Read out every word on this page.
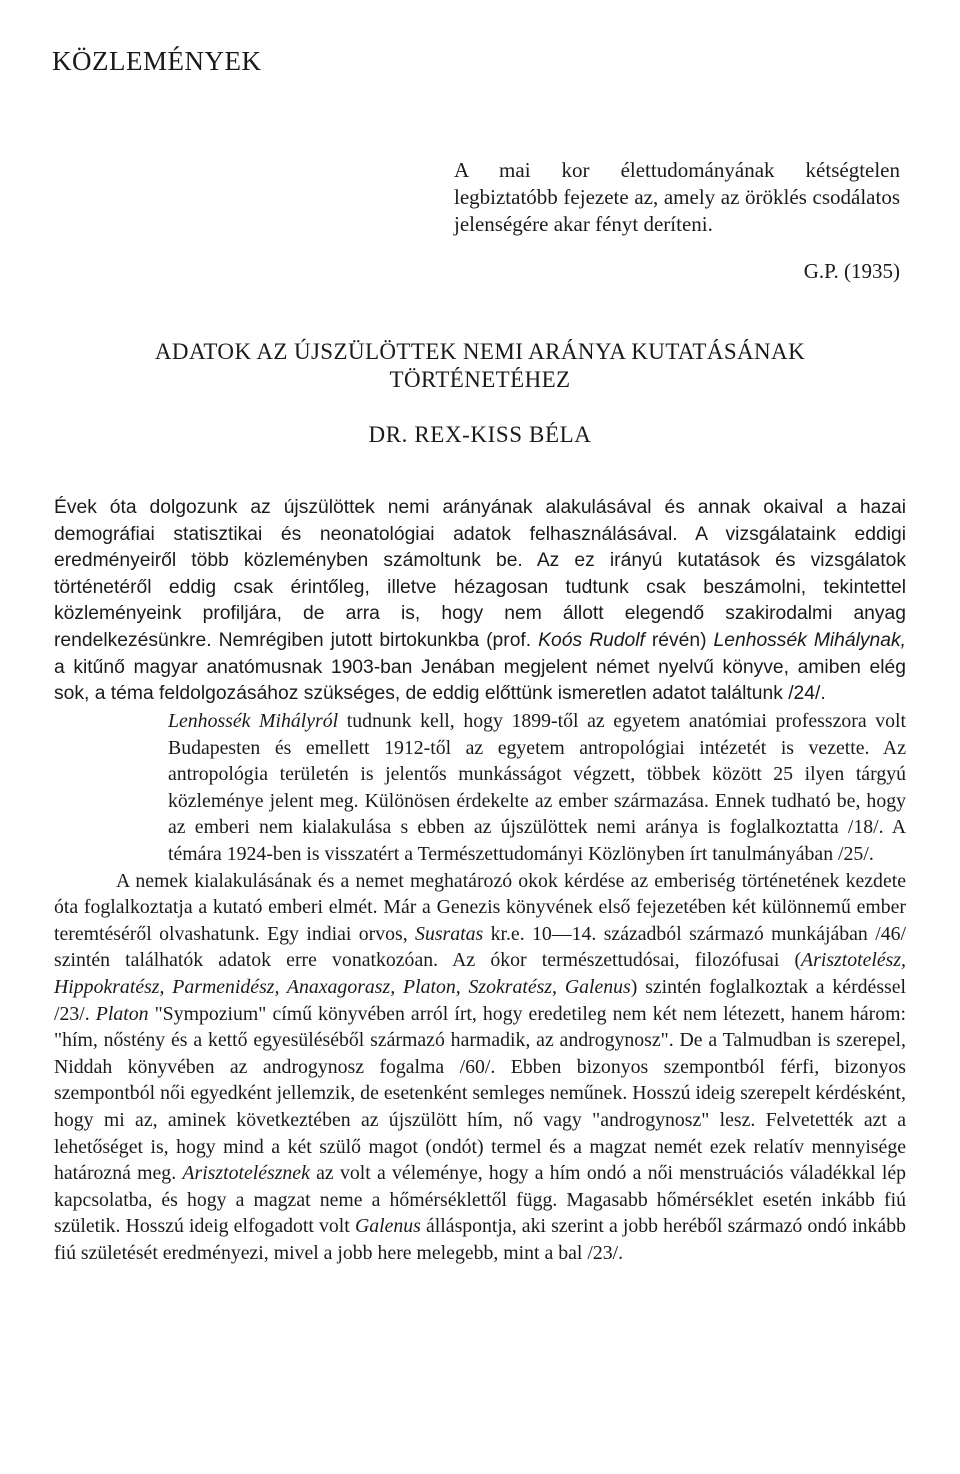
KÖZLEMÉNYEK
A mai kor élettudományának kétségtelen legbiztatóbb fejezete az, amely az öröklés csodálatos jelenségére akar fényt deríteni.
G.P. (1935)
ADATOK AZ ÚJSZÜLÖTTEK NEMI ARÁNYA KUTATÁSÁNAK
TÖRTÉNETÉHEZ
DR. REX-KISS BÉLA

Évek óta dolgozunk az újszülöttek nemi arányának alakulásával és annak okaival a hazai demográfiai statisztikai és neonatológiai adatok felhasználásával. A vizsgálataink eddigi eredményeiről több közleményben számoltunk be. Az ez irányú kutatások és vizsgálatok történetéről eddig csak érintőleg, illetve hézagosan tudtunk csak beszámolni, tekintettel közleményeink profiljára, de arra is, hogy nem állott elegendő szakirodalmi anyag rendelkezésünkre. Nemrégiben jutott birtokunkba (prof. Koós Rudolf révén) Lenhossék Mihálynak, a kitűnő magyar anatómusnak 1903-ban Jenában megjelent német nyelvű könyve, amiben elég sok, a téma feldolgozásához szükséges, de eddig előttünk ismeretlen adatot találtunk /24/.

Lenhossék Mihályról tudnunk kell, hogy 1899-től az egyetem anatómiai professzora volt Budapesten és emellett 1912-től az egyetem antropológiai intézetét is vezette. Az antropológia területén is jelentős munkásságot végzett, többek között 25 ilyen tárgyú közleménye jelent meg. Különösen érdekelte az ember származása. Ennek tudható be, hogy az emberi nem kialakulása s ebben az újszülöttek nemi aránya is foglalkoztatta /18/. A témára 1924-ben is visszatért a Természettudományi Közlönyben írt tanulmányában /25/.

A nemek kialakulásának és a nemet meghatározó okok kérdése az emberiség történetének kezdete óta foglalkoztatja a kutató emberi elmét. Már a Genezis könyvének első fejezetében két különnemű ember teremtéséről olvashatunk. Egy indiai orvos, Susratas kr.e. 10—14. századból származó munkájában /46/ szintén találhatók adatok erre vonatkozóan. Az ókor természettudósai, filozófusai (Arisztotelész, Hippokratész, Parmenidész, Anaxagorasz, Platon, Szokratész, Galenus) szintén foglalkoztak a kérdéssel /23/. Platon "Sympozium" című könyvében arról írt, hogy eredetileg nem két nem létezett, hanem három: "hím, nőstény és a kettő egyesüléséből származó harmadik, az androgynosz". De a Talmudban is szerepel, Niddah könyvében az androgynosz fogalma /60/. Ebben bizonyos szempontból férfi, bizonyos szempontból női egyedként jellemzik, de esetenként semleges neműnek. Hosszú ideig szerepelt kérdésként, hogy mi az, aminek következtében az újszülött hím, nő vagy "androgynosz" lesz. Felvetették azt a lehetőséget is, hogy mind a két szülő magot (ondót) termel és a magzat nemét ezek relatív mennyisége határozná meg. Arisztotelésznek az volt a véleménye, hogy a hím ondó a női menstruációs váladékkal lép kapcsolatba, és hogy a magzat neme a hőmérséklettől függ. Magasabb hőmérséklet esetén inkább fiú születik. Hosszú ideig elfogadott volt Galenus álláspontja, aki szerint a jobb heréből származó ondó inkább fiú születését eredményezi, mivel a jobb here melegebb, mint a bal /23/.
